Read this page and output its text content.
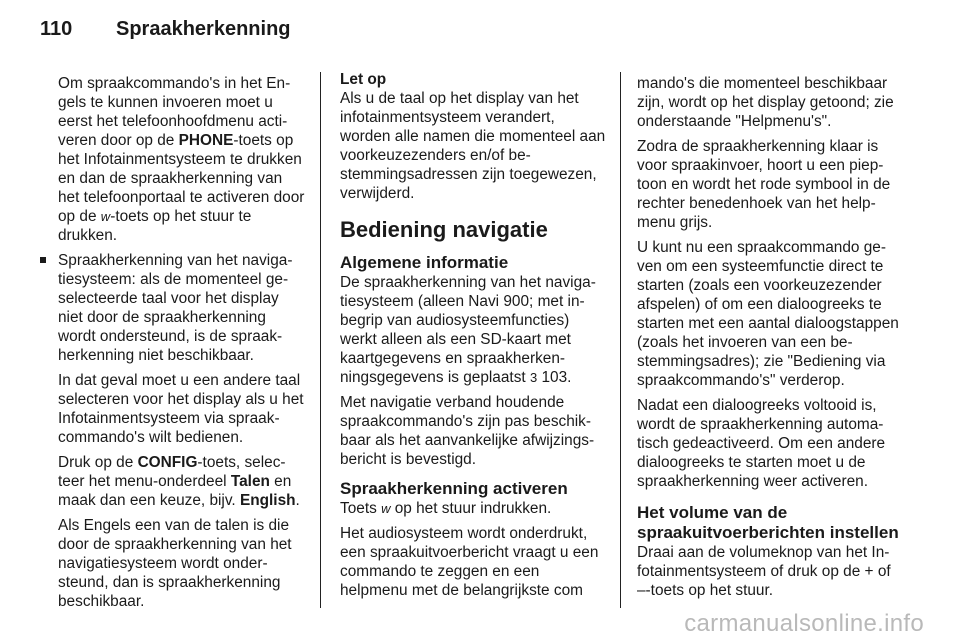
110 Spraakherkenning

Om spraakcommando's in het Engels te kunnen invoeren moet u eerst het telefoonhoofdmenu activeren door op de PHONE-toets op het Infotainmentsysteem te drukken en dan de spraakherkenning van het telefoonportaal te activeren door op de w-toets op het stuur te drukken.

Spraakherkenning van het navigatiesysteem: als de momenteel geselecteerde taal voor het display niet door de spraakherkenning wordt ondersteund, is de spraakherkenning niet beschikbaar.

In dat geval moet u een andere taal selecteren voor het display als u het Infotainmentsysteem via spraakcommando's wilt bedienen.

Druk op de CONFIG-toets, selecteer het menu-onderdeel Talen en maak dan een keuze, bijv. English.

Als Engels een van de talen is die door de spraakherkenning van het navigatiesysteem wordt ondersteund, dan is spraakherkenning beschikbaar.

Let op

Als u de taal op het display van het infotainmentsysteem verandert, worden alle namen die momenteel aan voorkeuzezenders en/of bestemmingsadressen zijn toegewezen, verwijderd.

Bediening navigatie
Algemene informatie

De spraakherkenning van het navigatiesysteem (alleen Navi 900; met inbegrip van audiosysteemfuncties) werkt alleen als een SD-kaart met kaartgegevens en spraakherkenningsgegevens is geplaatst 3 103.

Met navigatie verband houdende spraakcommando's zijn pas beschikbaar als het aanvankelijke afwijzingsbericht is bevestigd.

Spraakherkenning activeren

Toets w op het stuur indrukken.

Het audiosysteem wordt onderdrukt, een spraakuitvoerbericht vraagt u een commando te zeggen en een helpmenu met de belangrijkste com

mando's die momenteel beschikbaar zijn, wordt op het display getoond; zie onderstaande "Helpmenu's".

Zodra de spraakherkenning klaar is voor spraakinvoer, hoort u een pieptoon en wordt het rode symbool in de rechter benedenhoek van het helpmenu grijs.

U kunt nu een spraakcommando geven om een systeemfunctie direct te starten (zoals een voorkeuzezender afspelen) of om een dialoogreeks te starten met een aantal dialoogstappen (zoals het invoeren van een bestemmingsadres); zie "Bediening via spraakcommando's" verderop.

Nadat een dialoogreeks voltooid is, wordt de spraakherkenning automatisch gedeactiveerd. Om een andere dialoogreeks te starten moet u de spraakherkenning weer activeren.

Het volume van de spraakuitvoerberichten instellen

Draai aan de volumeknop van het Infotainmentsysteem of druk op de + of –-toets op het stuur.

carmanualsonline.info
